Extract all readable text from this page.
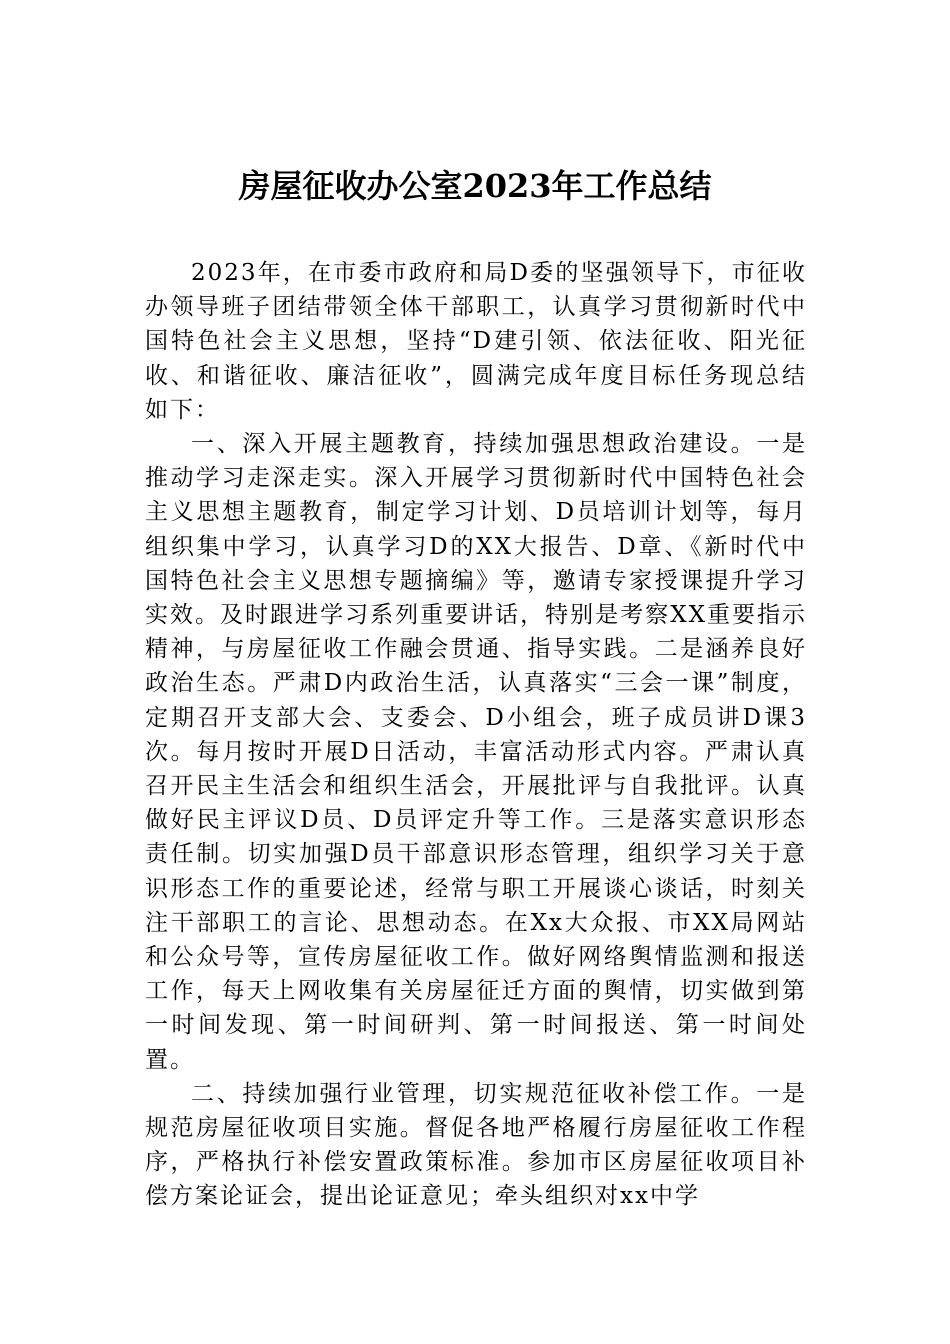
房屋征收办公室2023年工作总结

2023年，在市委市政府和局D委的坚强领导下，市征收办领导班子团结带领全体干部职工，认真学习贯彻新时代中国特色社会主义思想，坚持“D建引领、依法征收、阳光征收、和谐征收、廉洁征收”，圆满完成年度目标任务现总结如下：

一、深入开展主题教育，持续加强思想政治建设。一是推动学习走深走实。深入开展学习贯彻新时代中国特色社会主义思想主题教育，制定学习计划、D员培训计划等，每月组织集中学习，认真学习D的XX大报告、D章、《新时代中国特色社会主义思想专题摘编》等，邀请专家授课提升学习实效。及时跟进学习系列重要讲话，特别是考察XX重要指示精神，与房屋征收工作融会贯通、指导实践。二是涵养良好政治生态。严肃D内政治生活，认真落实“三会一课”制度，定期召开支部大会、支委会、D小组会，班子成员讲D课3次。每月按时开展D日活动，丰富活动形式内容。严肃认真召开民主生活会和组织生活会，开展批评与自我批评。认真做好民主评议D员、D员评定升等工作。三是落实意识形态责任制。切实加强D员干部意识形态管理，组织学习关于意识形态工作的重要论述，经常与职工开展谈心谈话，时刻关注干部职工的言论、思想动态。在Xx大众报、市XX局网站和公众号等，宣传房屋征收工作。做好网络舆情监测和报送工作，每天上网收集有关房屋征迁方面的舆情，切实做到第一时间发现、第一时间研判、第一时间报送、第一时间处置。

二、持续加强行业管理，切实规范征收补偿工作。一是规范房屋征收项目实施。督促各地严格履行房屋征收工作程序，严格执行补偿安置政策标准。参加市区房屋征收项目补偿方案论证会，提出论证意见；牵头组织对xx中学
